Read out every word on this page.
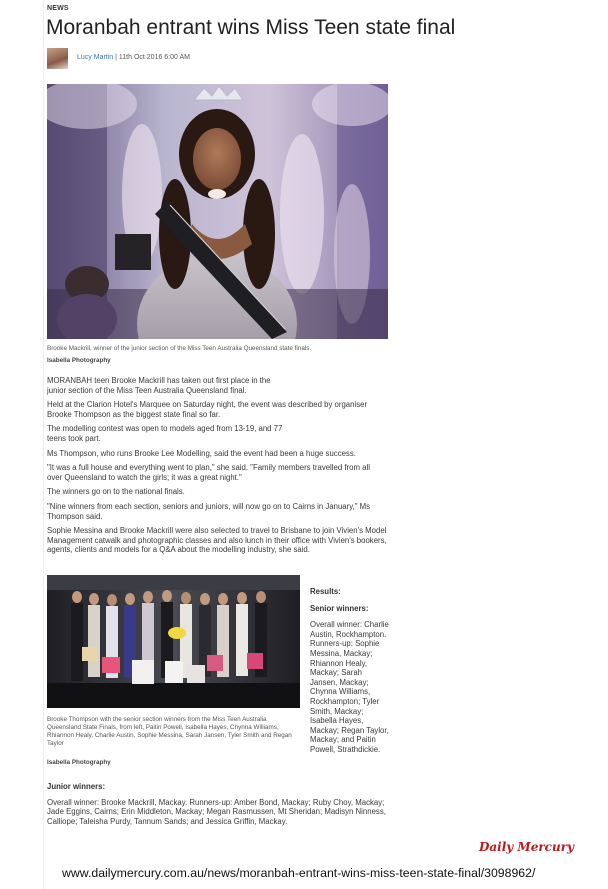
NEWS
Moranbah entrant wins Miss Teen state final
Lucy Martin | 11th Oct 2016 6:00 AM
Brooke Mackrill, winner of the junior section of the Miss Teen Australia Queensland state finals.
Isabella Photography

MORANBAH teen Brooke Mackrill has taken out first place in the junior section of the Miss Teen Australia Queensland final.

Held at the Clarion Hotel's Marquee on Saturday night, the event was described by organiser Brooke Thompson as the biggest state final so far.

The modelling contest was open to models aged from 13-19, and 77 teens took part.

Ms Thompson, who runs Brooke Lee Modelling, said the event had been a huge success.

"It was a full house and everything went to plan," she said. "Family members travelled from all over Queensland to watch the girls; it was a great night."

The winners go on to the national finals.

"Nine winners from each section, seniors and juniors, will now go on to Cairns in January," Ms Thompson said.

Sophie Messina and Brooke Mackrill were also selected to travel to Brisbane to join Vivien's Model Management catwalk and photographic classes and also lunch in their office with Vivien's bookers, agents, clients and models for a Q&A about the modelling industry, she said.

Brooke Thompson with the senior section winners from the Miss Teen Australia Queensland State Finals, from left, Paitin Powell, Isabella Hayes, Chynna Williams, Rhiannon Healy, Charlie Austin, Sophie Messina, Sarah Jansen, Tyler Smith and Regan Taylor
Isabella Photography
Results:
Senior winners:

Overall winner: Charlie Austin, Rockhampton. Runners-up: Sophie Messina, Mackay; Rhiannon Healy, Mackay; Sarah Jansen, Mackay; Chynna Williams, Rockhampton; Tyler Smith, Mackay; Isabella Hayes, Mackay; Regan Taylor, Mackay; and Paitin Powell, Strathdickie.

Junior winners:

Overall winner: Brooke Mackrill, Mackay. Runners-up: Amber Bond, Mackay; Ruby Choy, Mackay; Jade Eggins, Cairns; Erin Middleton, Mackay; Megan Rasmussen, Mt Sheridan; Madisyn Ninness, Calliope; Taleisha Purdy, Tannum Sands; and Jessica Griffin, Mackay.

Daily Mercury
www.dailymercury.com.au/news/moranbah-entrant-wins-miss-teen-state-final/3098962/
